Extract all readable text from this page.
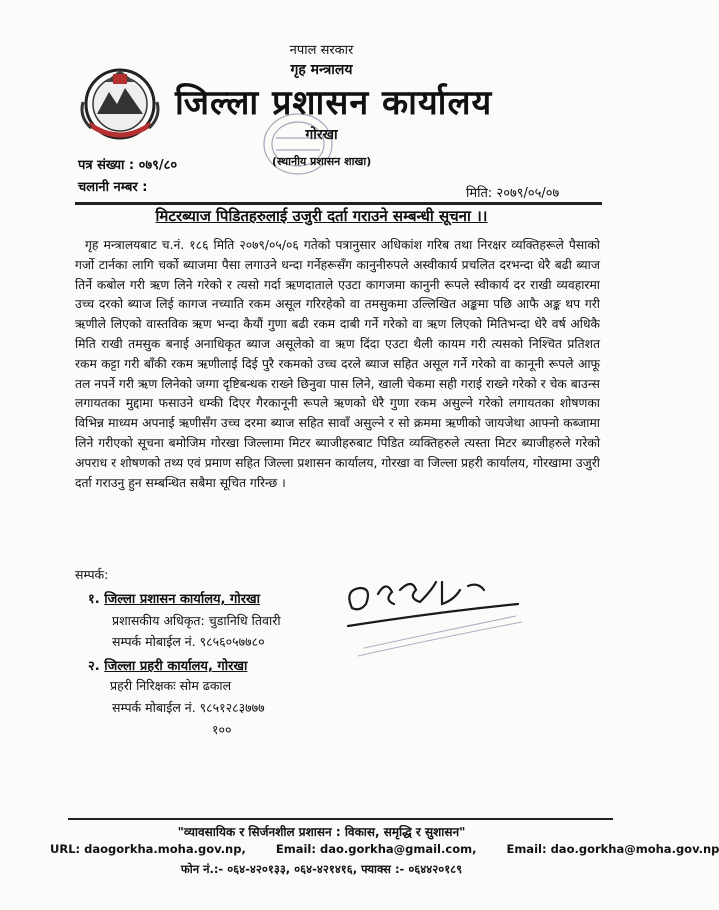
नपाल सरकार
गृह मन्त्रालय
जिल्ला प्रशासन कार्यालय
गोरखा
(स्थानीय प्रशासन शाखा)
पत्र संख्या : ०७९/८०
चलानी नम्बर :	मिति: २०७९/०५/०७
मिटरब्याज पिडितहरुलाई उजुरी दर्ता गराउने सम्बन्धी सूचना ।।
गृह मन्त्रालयबाट च.नं. १८६ मिति २०७९/०५/०६ गतेको पत्रानुसार अधिकांश गरिब तथा निरक्षर व्यक्तिहरूले पैसाको गर्जो टार्नका लागि चर्को ब्याजमा पैसा लगाउने धन्दा गर्नेहरूसँग कानुनीरुपले अस्वीकार्य प्रचलित दरभन्दा धेरै बढी ब्याज तिर्ने कबोल गरी ऋण लिने गरेको र त्यसो गर्दा ऋणदाताले एउटा कागजमा कानुनी रूपले स्वीकार्य दर राखी व्यवहारमा उच्च दरको ब्याज लिई कागज नच्याति रकम असूल गरिरहेको वा तमसुकमा उल्लिखित अङ्कमा पछि आफै अङ्क थप गरी ऋणीले लिएको वास्तविक ऋण भन्दा कैयौं गुणा बढी रकम दाबी गर्ने गरेको वा ऋण लिएको मितिभन्दा धेरै वर्ष अधिकै मिति राखी तमसुक बनाई अनाधिकृत ब्याज असूलेको वा ऋण दिंदा एउटा थैली कायम गरी त्यसको निश्चित प्रतिशत रकम कट्टा गरी बाँकी रकम ऋणीलाई दिई पुरै रकमको उच्च दरले ब्याज सहित असूल गर्ने गरेको वा कानूनी रूपले आफू तल नपर्ने गरी ऋण लिनेको जग्गा दृष्टिबन्धक राख्ने छिनुवा पास लिने, खाली चेकमा सही गराई राख्ने गरेको र चेक बाउन्स लगायतका मुद्दामा फसाउने धम्की दिएर गैरकानूनी रूपले ऋणको धेरै गुणा रकम असुल्ने गरेको लगायतका शोषणका विभिन्न माध्यम अपनाई ऋणीसँग उच्च दरमा ब्याज सहित सावाँ असुल्ने र सो क्रममा ऋणीको जायजेथा आफ्नो कब्जामा लिने गरीएको सूचना बमोजिम गोरखा जिल्लामा मिटर ब्याजीहरुबाट पिडित व्यक्तिहरुले त्यस्ता मिटर ब्याजीहरुले गरेको अपराध र शोषणको तथ्य एवं प्रमाण सहित जिल्ला प्रशासन कार्यालय, गोरखा वा जिल्ला प्रहरी कार्यालय, गोरखामा उजुरी दर्ता गराउनु हुन सम्बन्धित सबैमा सूचित गरिन्छ ।
सम्पर्क:
१. जिल्ला प्रशासन कार्यालय, गोरखा
प्रशासकीय अधिकृत: चुडानिधि तिवारी
सम्पर्क मोबाईल नं. ९८५६०५७७८०
२. जिल्ला प्रहरी कार्यालय, गोरखा
प्रहरी निरिक्षकः सोम ढकाल
सम्पर्क मोबाईल नं. ९८५१२८३७७७
१००
"व्यावसायिक र सिर्जनशील प्रशासन : विकास, समृद्धि र सुशासन"
URL: daogorkha.moha.gov.np,	Email: dao.gorkha@gmail.com,	Email: dao.gorkha@moha.gov.np
फोन नं.:- ०६४-४२०१३३, ०६४-४२१४१६, फ्याक्स :- ०६४४२०१८९
